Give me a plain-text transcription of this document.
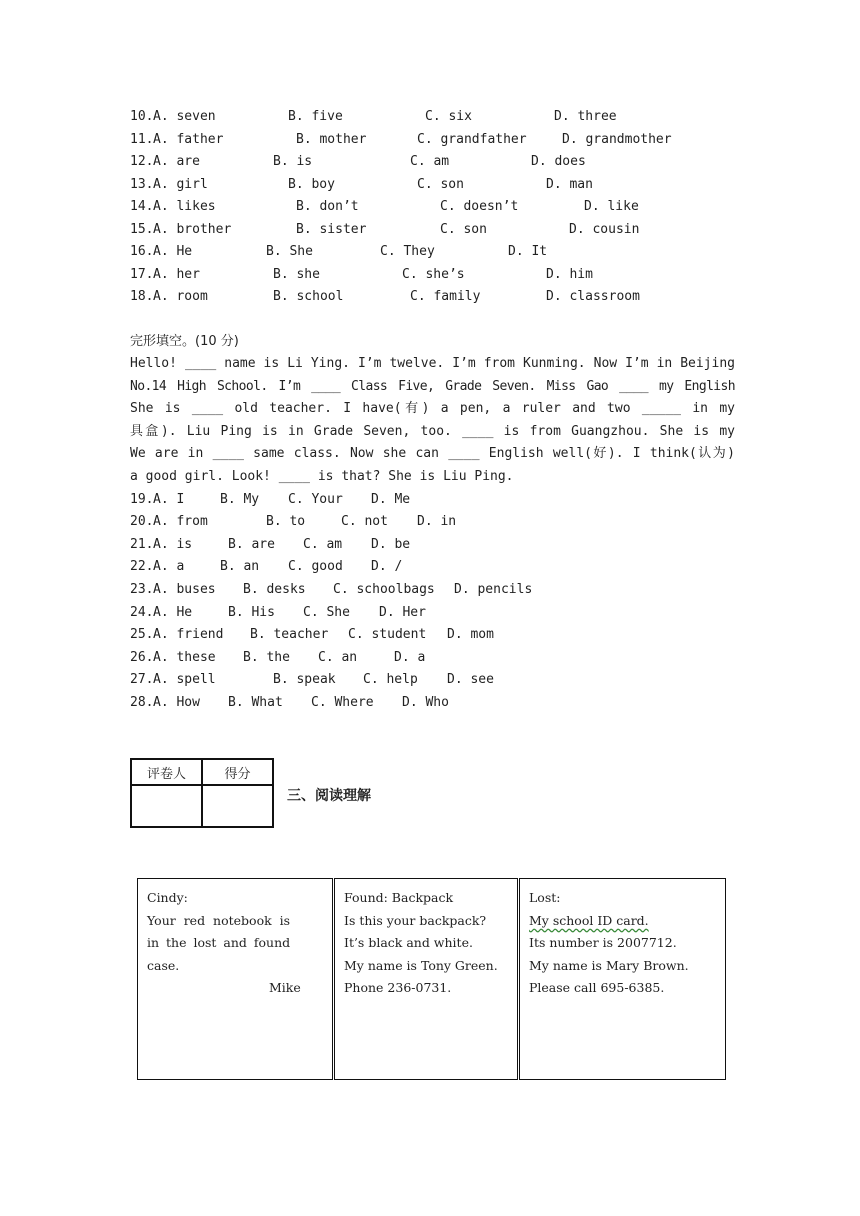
10. A. seven	B. five	C. six	D. three
11. A. father	B. mother	C. grandfather	D. grandmother
12. A. are	B. is	C. am	D. does
13. A. girl	B. boy	C. son	D. man
14. A. likes	B. don’t	C. doesn’t	D. like
15. A. brother	B. sister	C. son	D. cousin
16. A. He	B. She	C. They	D. It
17. A. her	B. she	C. she’s	D. him
18. A. room	B. school	C. family	D. classroom
完形填空。(10 分)
Hello! ____ name is Li Ying. I’m twelve. I’m from Kunming. Now I’m in Beijing
No.14 High School. I’m ____ Class Five, Grade Seven. Miss Gao ____ my English
She is ____ old teacher. I have(有) a pen, a ruler and two _____ in my
具盒). Liu Ping is in Grade Seven, too. ____ is from Guangzhou. She is my
We are in ____ same class. Now she can ____ English well(好). I think(认为)
a good girl. Look! ____ is that? She is Liu Ping.
19. A. I	B. My C. Your D. Me
20. A. from	B. to	C. not D. in
21. A. is	B. are C. am D. be
22. A. a	B. an C. good D. /
23. A. buses B. desks C. schoolbags D. pencils
24. A. He	B. His C. She D. Her
25. A. friend B. teacher C. student D. mom
26. A. these B. the C. an	D. a
27. A. spell	B. speak C. help D. see
28. A. How B. What C. Where D. Who
评卷人	得分

三、阅读理解
Cindy:
Your red notebook is
in the lost and found
case.
Mike
Found: Backpack
Is this your backpack?
It’s black and white.
My name is Tony Green.
Phone 236-0731.
Lost:
My school ID card.
Its number is 2007712.
My name is Mary Brown.
Please call 695-6385.
